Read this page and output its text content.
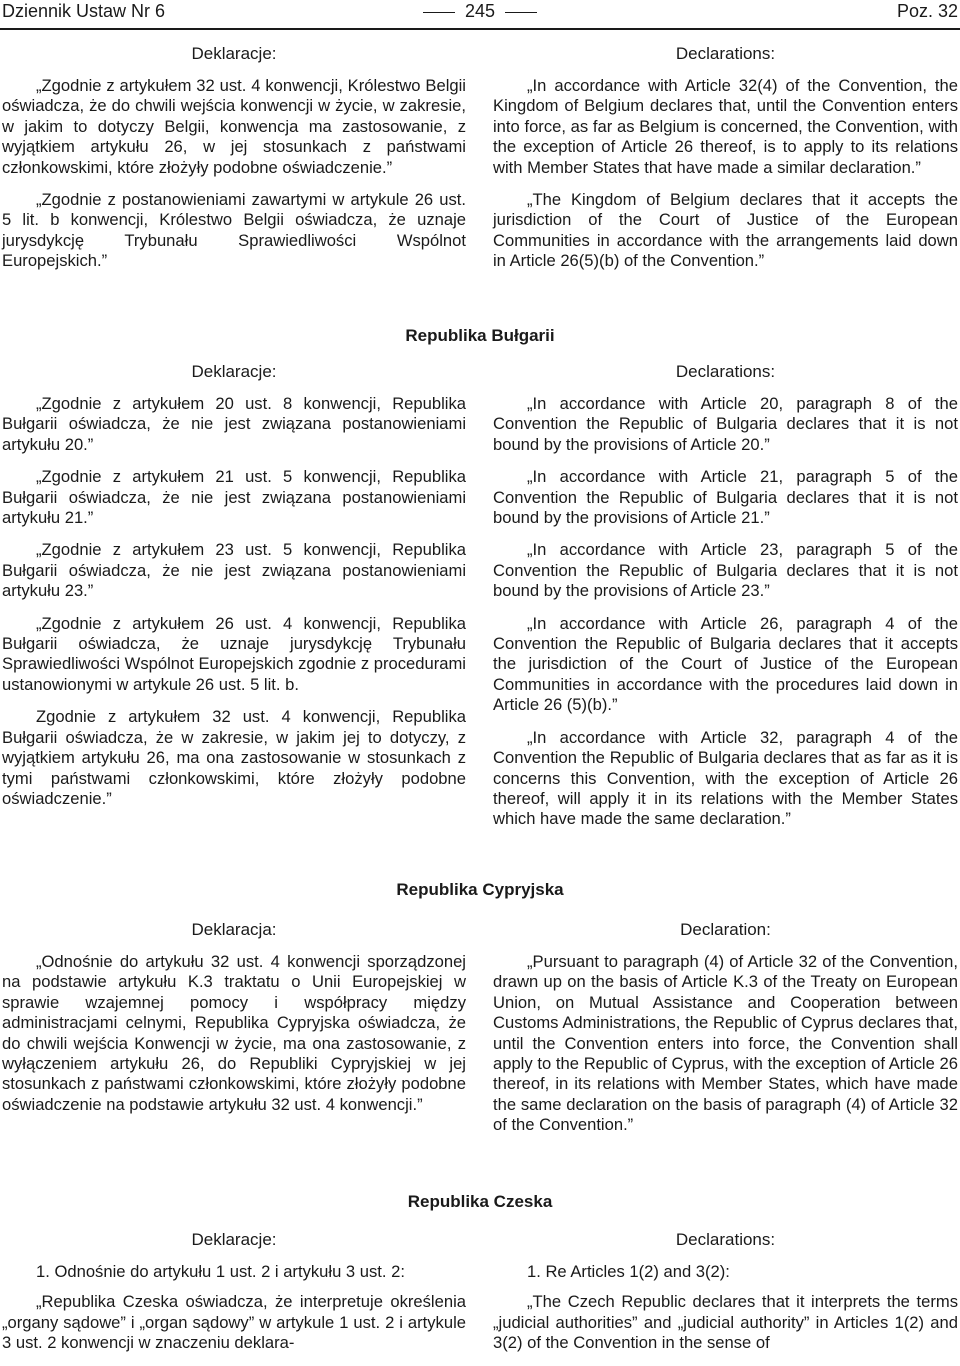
Dziennik Ustaw Nr 6	245	Poz. 32
Deklaracje:

„Zgodnie z artykułem 32 ust. 4 konwencji, Królestwo Belgii oświadcza, że do chwili wejścia konwencji w życie, w zakresie, w jakim to dotyczy Belgii, konwencja ma zastosowanie, z wyjątkiem artykułu 26, w jej stosunkach z państwami członkowskimi, które złożyły podobne oświadczenie.”

„Zgodnie z postanowieniami zawartymi w artykule 26 ust. 5 lit. b konwencji, Królestwo Belgii oświadcza, że uznaje jurysdykcję Trybunału Sprawiedliwości Wspólnot Europejskich.”

Declarations:

„In accordance with Article 32(4) of the Convention, the Kingdom of Belgium declares that, until the Convention enters into force, as far as Belgium is concerned, the Convention, with the exception of Article 26 thereof, is to apply to its relations with Member States that have made a similar declaration.”

„The Kingdom of Belgium declares that it accepts the jurisdiction of the Court of Justice of the European Communities in accordance with the arrangements laid down in Article 26(5)(b) of the Convention.”

Republika Bułgarii
Deklaracje:

„Zgodnie z artykułem 20 ust. 8 konwencji, Republika Bułgarii oświadcza, że nie jest związana postanowieniami artykułu 20.”

„Zgodnie z artykułem 21 ust. 5 konwencji, Republika Bułgarii oświadcza, że nie jest związana postanowieniami artykułu 21.”

„Zgodnie z artykułem 23 ust. 5 konwencji, Republika Bułgarii oświadcza, że nie jest związana postanowieniami artykułu 23.”

„Zgodnie z artykułem 26 ust. 4 konwencji, Republika Bułgarii oświadcza, że uznaje jurysdykcję Trybunału Sprawiedliwości Wspólnot Europejskich zgodnie z procedurami ustanowionymi w artykule 26 ust. 5 lit. b.

Zgodnie z artykułem 32 ust. 4 konwencji, Republika Bułgarii oświadcza, że w zakresie, w jakim jej to dotyczy, z wyjątkiem artykułu 26, ma ona zastosowanie w stosunkach z tymi państwami członkowskimi, które złożyły podobne oświadczenie.”

Declarations:

„In accordance with Article 20, paragraph 8 of the Convention the Republic of Bulgaria declares that it is not bound by the provisions of Article 20.”

„In accordance with Article 21, paragraph 5 of the Convention the Republic of Bulgaria declares that it is not bound by the provisions of Article 21.”

„In accordance with Article 23, paragraph 5 of the Convention the Republic of Bulgaria declares that it is not bound by the provisions of Article 23.”

„In accordance with Article 26, paragraph 4 of the Convention the Republic of Bulgaria declares that it accepts the jurisdiction of the Court of Justice of the European Communities in accordance with the procedures laid down in Article 26 (5)(b).”

„In accordance with Article 32, paragraph 4 of the Convention the Republic of Bulgaria declares that as far as it is concerns this Convention, with the exception of Article 26 thereof, will apply it in its relations with the Member States which have made the same declaration.”

Republika Cypryjska
Deklaracja:

„Odnośnie do artykułu 32 ust. 4 konwencji sporządzonej na podstawie artykułu K.3 traktatu o Unii Europejskiej w sprawie wzajemnej pomocy i współpracy między administracjami celnymi, Republika Cypryjska oświadcza, że do chwili wejścia Konwencji w życie, ma ona zastosowanie, z wyłączeniem artykułu 26, do Republiki Cypryjskiej w jej stosunkach z państwami członkowskimi, które złożyły podobne oświadczenie na podstawie artykułu 32 ust. 4 konwencji.”

Declaration:

„Pursuant to paragraph (4) of Article 32 of the Convention, drawn up on the basis of Article K.3 of the Treaty on European Union, on Mutual Assistance and Cooperation between Customs Administrations, the Republic of Cyprus declares that, until the Convention enters into force, the Convention shall apply to the Republic of Cyprus, with the exception of Article 26 thereof, in its relations with Member States, which have made the same declaration on the basis of paragraph (4) of Article 32 of the Convention.”

Republika Czeska
Deklaracje:

1. Odnośnie do artykułu 1 ust. 2 i artykułu 3 ust. 2:

„Republika Czeska oświadcza, że interpretuje określenia „organy sądowe” i „organ sądowy” w artykule 1 ust. 2 i artykule 3 ust. 2 konwencji w znaczeniu deklara-

Declarations:

1. Re Articles 1(2) and 3(2):

„The Czech Republic declares that it interprets the terms „judicial authorities” and „judicial authority” in Articles 1(2) and 3(2) of the Convention in the sense of
